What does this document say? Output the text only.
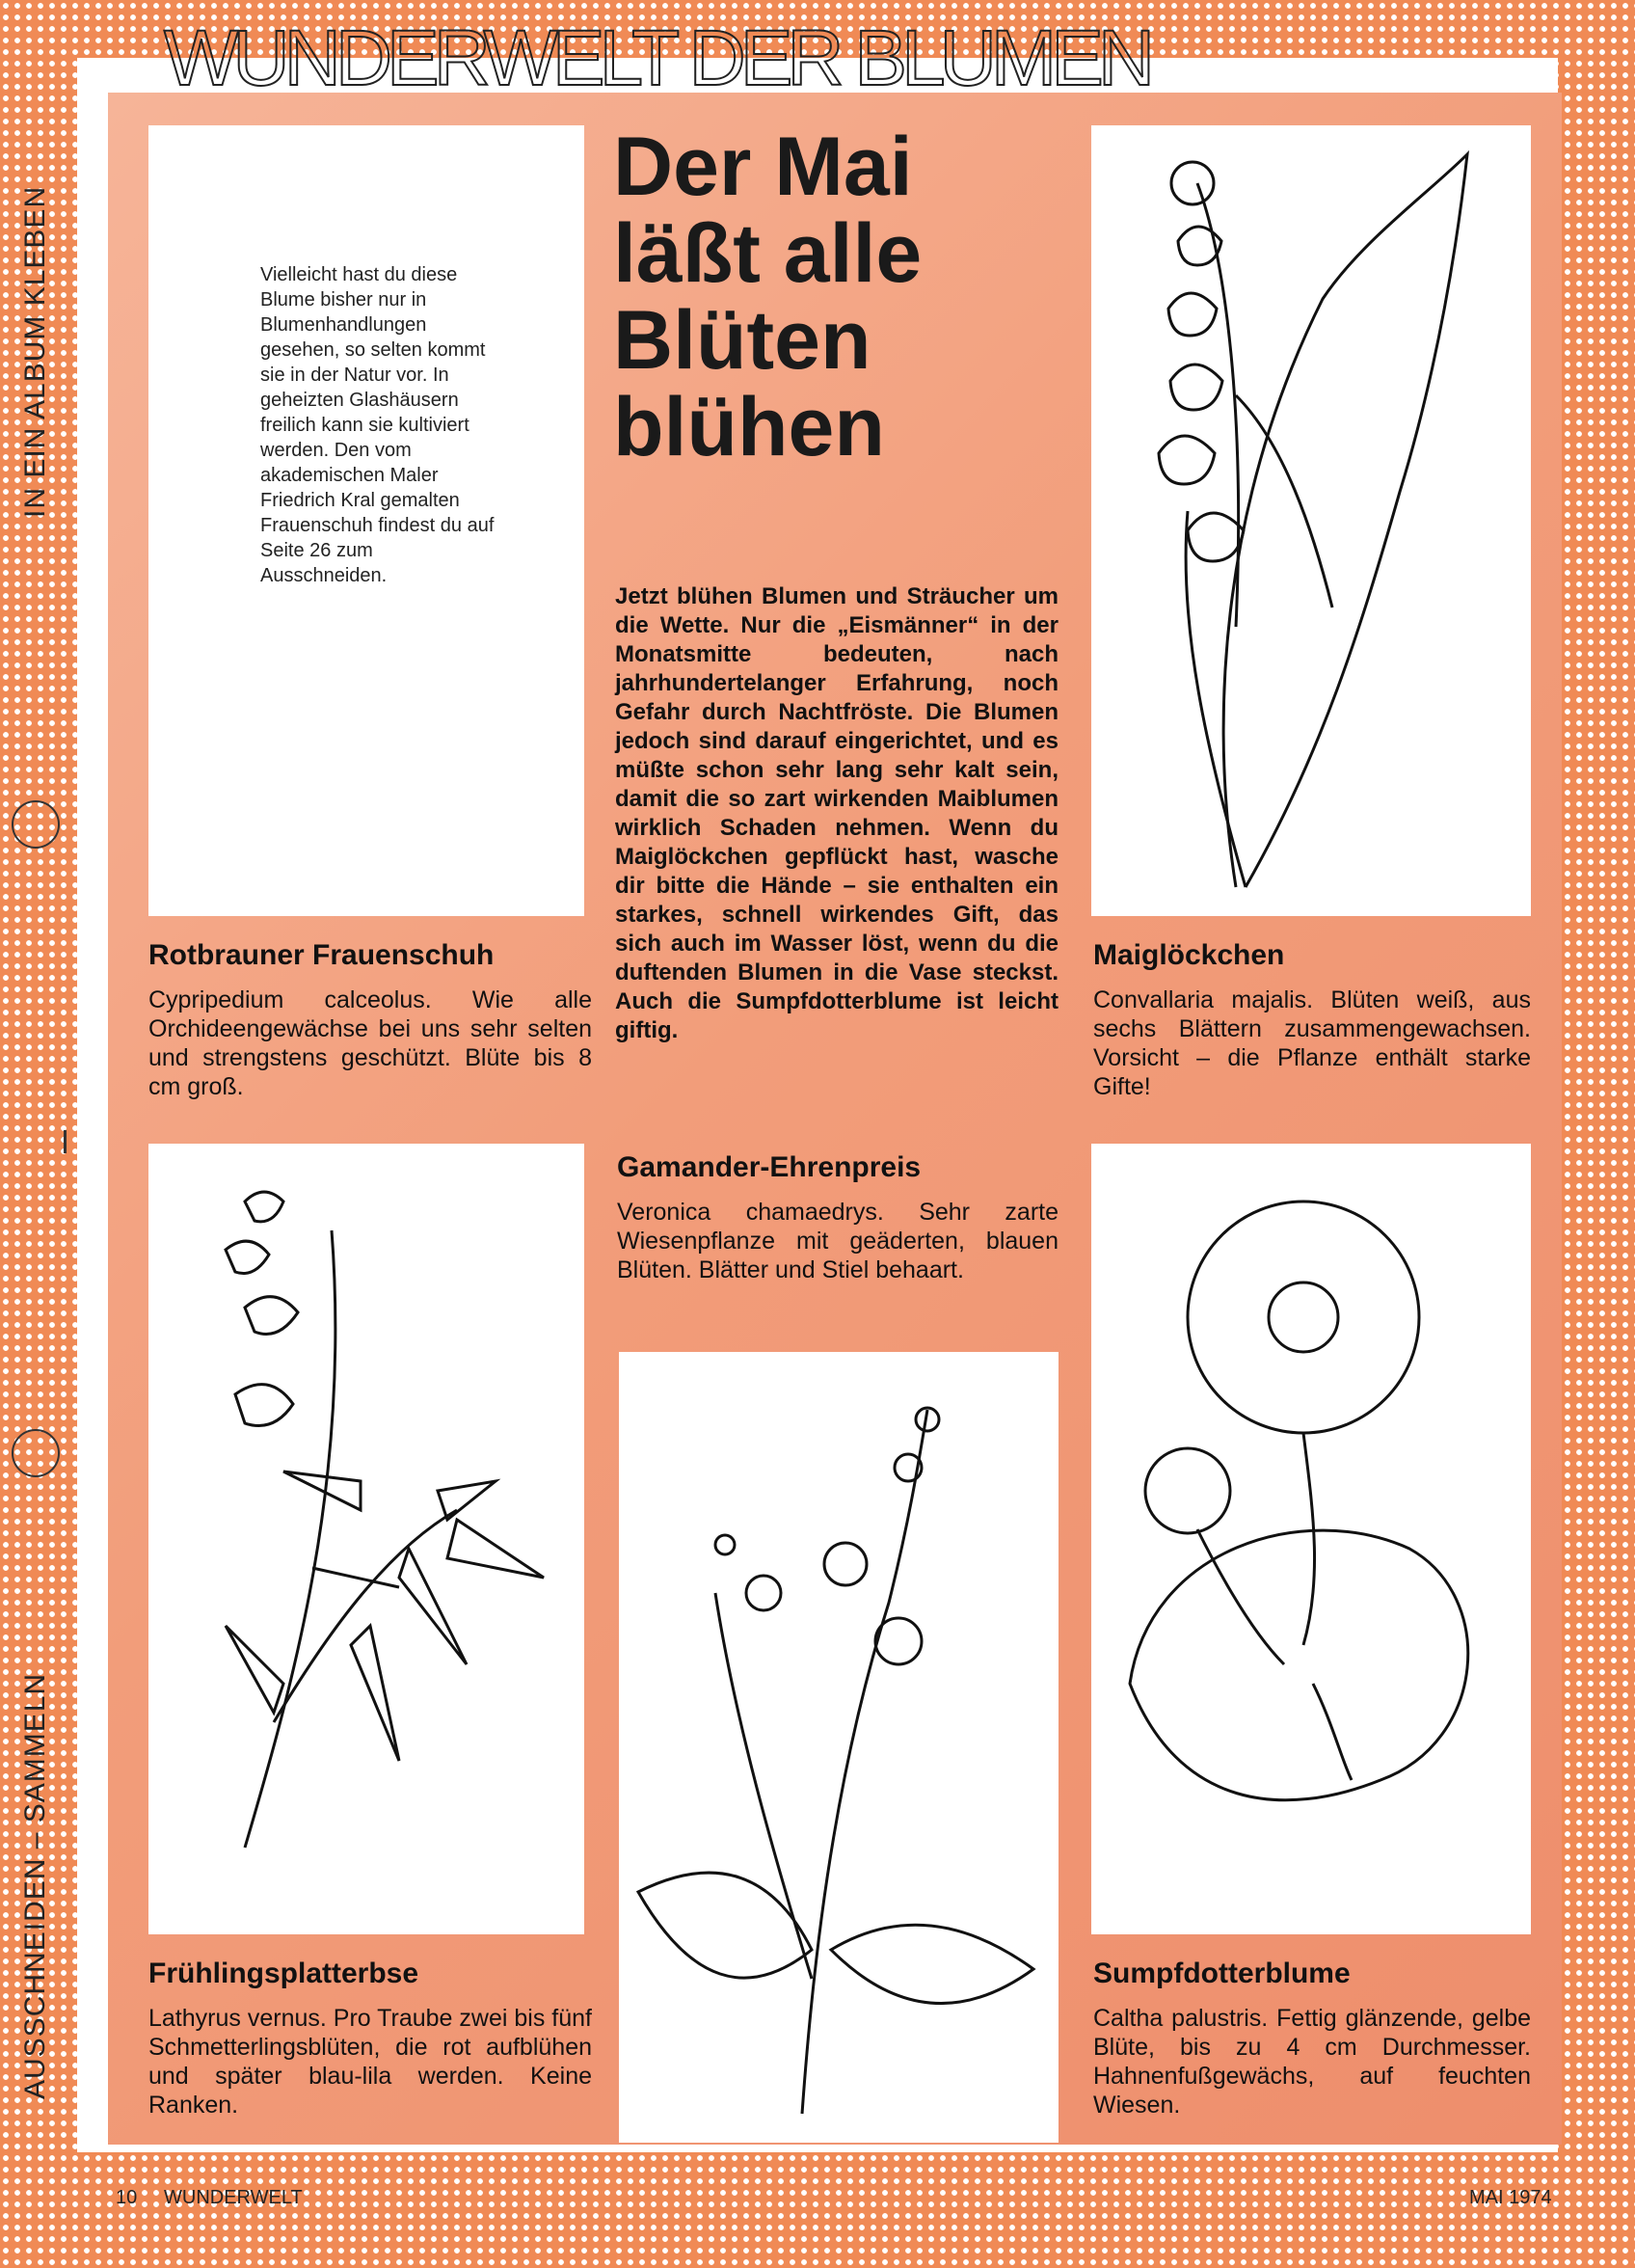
WUNDERWELT DER BLUMEN
IN EIN ALBUM KLEBEN
AUSSCHNEIDEN – SAMMELN
Vielleicht hast du diese Blume bisher nur in Blumenhandlungen gesehen, so selten kommt sie in der Natur vor. In geheizten Glashäusern freilich kann sie kultiviert werden. Den vom akademischen Maler Friedrich Kral gemalten Frauenschuh findest du auf Seite 26 zum Ausschneiden.
Der Mai läßt alle Blüten blühen
Jetzt blühen Blumen und Sträucher um die Wette. Nur die „Eismänner“ in der Monatsmitte bedeuten, nach jahrhundertelanger Erfahrung, noch Gefahr durch Nachtfröste. Die Blumen jedoch sind darauf eingerichtet, und es müßte schon sehr lang sehr kalt sein, damit die so zart wirkenden Maiblumen wirklich Schaden nehmen. Wenn du Maiglöckchen gepflückt hast, wasche dir bitte die Hände – sie enthalten ein starkes, schnell wirkendes Gift, das sich auch im Wasser löst, wenn du die duftenden Blumen in die Vase steckst. Auch die Sumpfdotterblume ist leicht giftig.
Rotbrauner Frauenschuh
Cypripedium calceolus. Wie alle Orchideengewächse bei uns sehr selten und strengstens geschützt. Blüte bis 8 cm groß.
Maiglöckchen
Convallaria majalis. Blüten weiß, aus sechs Blättern zusammengewachsen. Vorsicht – die Pflanze enthält starke Gifte!
Gamander-Ehrenpreis
Veronica chamaedrys. Sehr zarte Wiesenpflanze mit geäderten, blauen Blüten. Blätter und Stiel behaart.
Frühlingsplatterbse
Lathyrus vernus. Pro Traube zwei bis fünf Schmetterlingsblüten, die rot aufblühen und später blau-lila werden. Keine Ranken.
Sumpfdotterblume
Caltha palustris. Fettig glänzende, gelbe Blüte, bis zu 4 cm Durchmesser. Hahnenfußgewächs, auf feuchten Wiesen.
10 WUNDERWELT	MAI 1974
